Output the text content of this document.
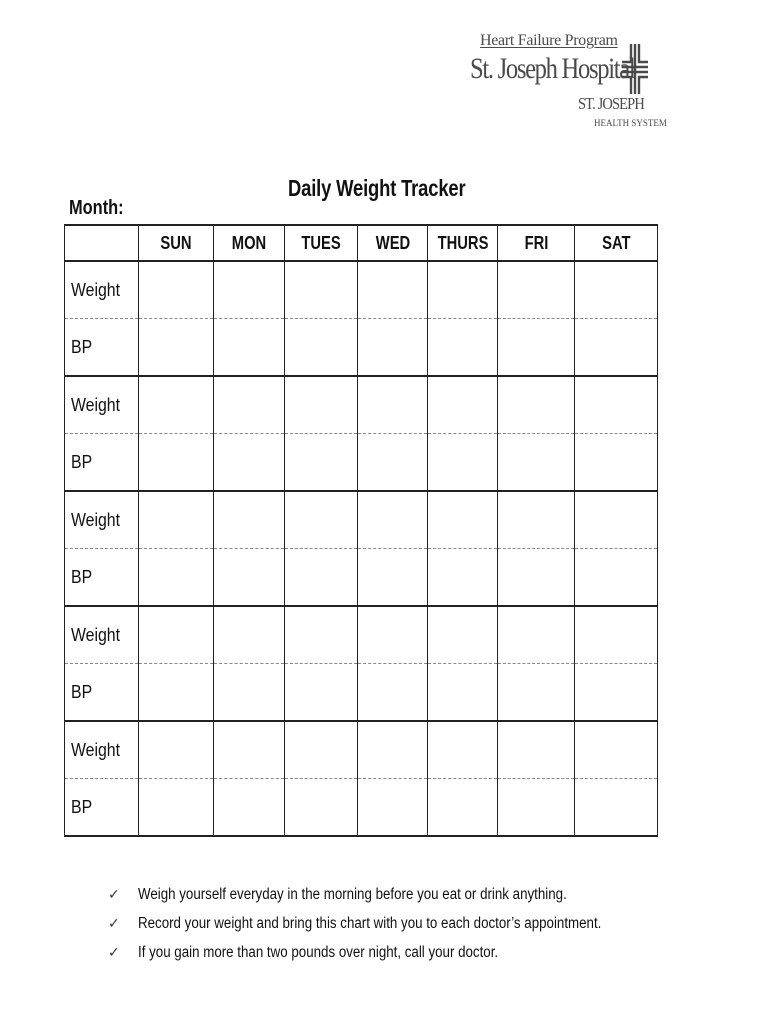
Heart Failure Program
St. Joseph Hospital
ST. JOSEPH
HEALTH SYSTEM
Daily Weight Tracker
Month:
	SUN	MON	TUES	WED	THURS	FRI	SAT
Weight							
BP							
Weight							
BP							
Weight							
BP							
Weight							
BP							
Weight							
BP							
✓	Weigh yourself everyday in the morning before you eat or drink anything.
✓	Record your weight and bring this chart with you to each doctor’s appointment.
✓	If you gain more than two pounds over night, call your doctor.
